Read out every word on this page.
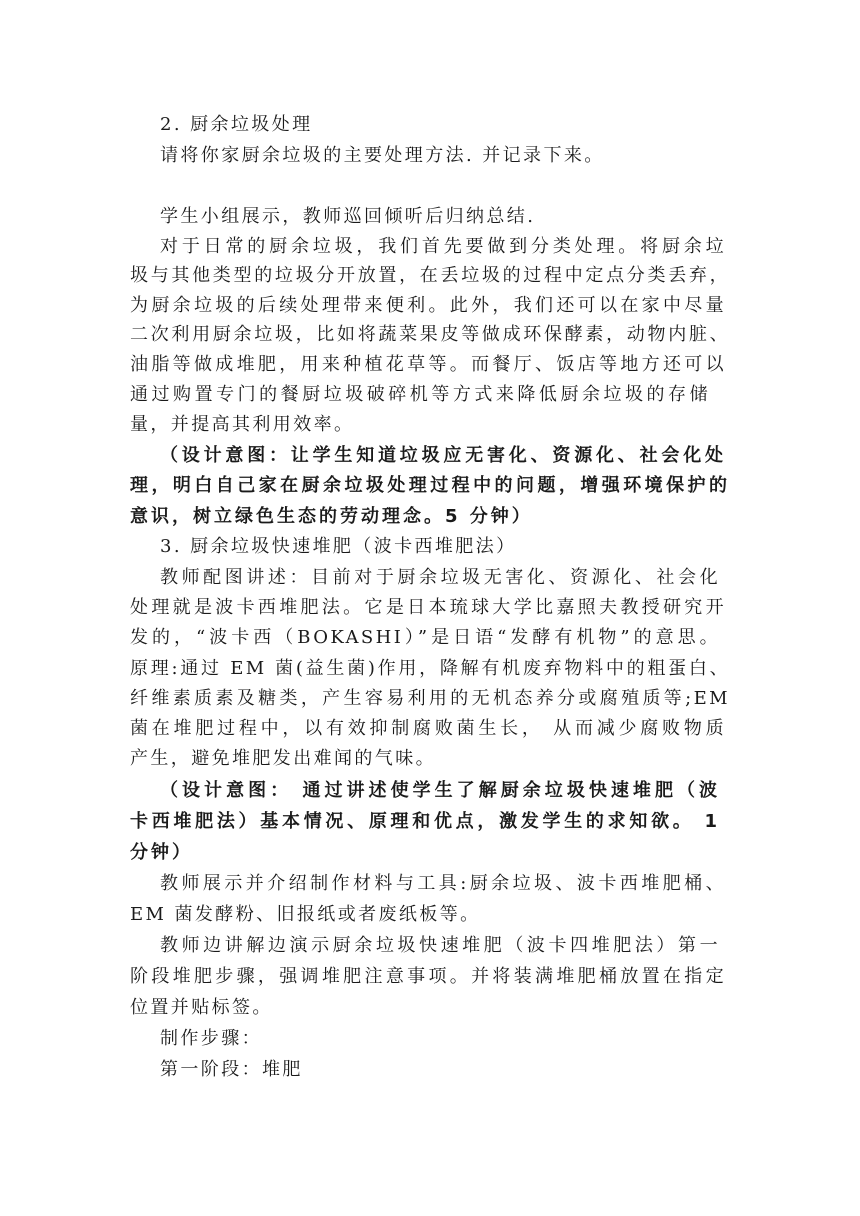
2. 厨余垃圾处理
请将你家厨余垃圾的主要处理方法. 并记录下来。
学生小组展示，教师巡回倾听后归纳总结.
对于日常的厨余垃圾，我们首先要做到分类处理。将厨余垃
圾与其他类型的垃圾分开放置，在丢垃圾的过程中定点分类丢弃，
为厨余垃圾的后续处理带来便利。此外，我们还可以在家中尽量
二次利用厨余垃圾，比如将蔬菜果皮等做成环保酵素，动物内脏、
油脂等做成堆肥，用来种植花草等。而餐厅、饭店等地方还可以
通过购置专门的餐厨垃圾破碎机等方式来降低厨余垃圾的存储
量，并提高其利用效率。
（设计意图：让学生知道垃圾应无害化、资源化、社会化处
理，明白自己家在厨余垃圾处理过程中的问题，增强环境保护的
意识，树立绿色生态的劳动理念。5 分钟）
3. 厨余垃圾快速堆肥（波卡西堆肥法）
教师配图讲述：目前对于厨余垃圾无害化、资源化、社会化
处理就是波卡西堆肥法。它是日本琉球大学比嘉照夫教授研究开
发的，“波卡西（BOKASHI）”是日语“发酵有机物”的意思。
原理:通过 EM 菌(益生菌)作用，降解有机废弃物料中的粗蛋白、
纤维素质素及糖类，产生容易利用的无机态养分或腐殖质等;EM
菌在堆肥过程中，以有效抑制腐败菌生长， 从而减少腐败物质
产生，避免堆肥发出难闻的气味。
（设计意图： 通过讲述使学生了解厨余垃圾快速堆肥（波
卡西堆肥法）基本情况、原理和优点，激发学生的求知欲。 1
分钟）
教师展示并介绍制作材料与工具:厨余垃圾、波卡西堆肥桶、
EM 菌发酵粉、旧报纸或者废纸板等。
教师边讲解边演示厨余垃圾快速堆肥（波卡四堆肥法）第一
阶段堆肥步骤，强调堆肥注意事项。并将装满堆肥桶放置在指定
位置并贴标签。
制作步骤：
第一阶段：堆肥
